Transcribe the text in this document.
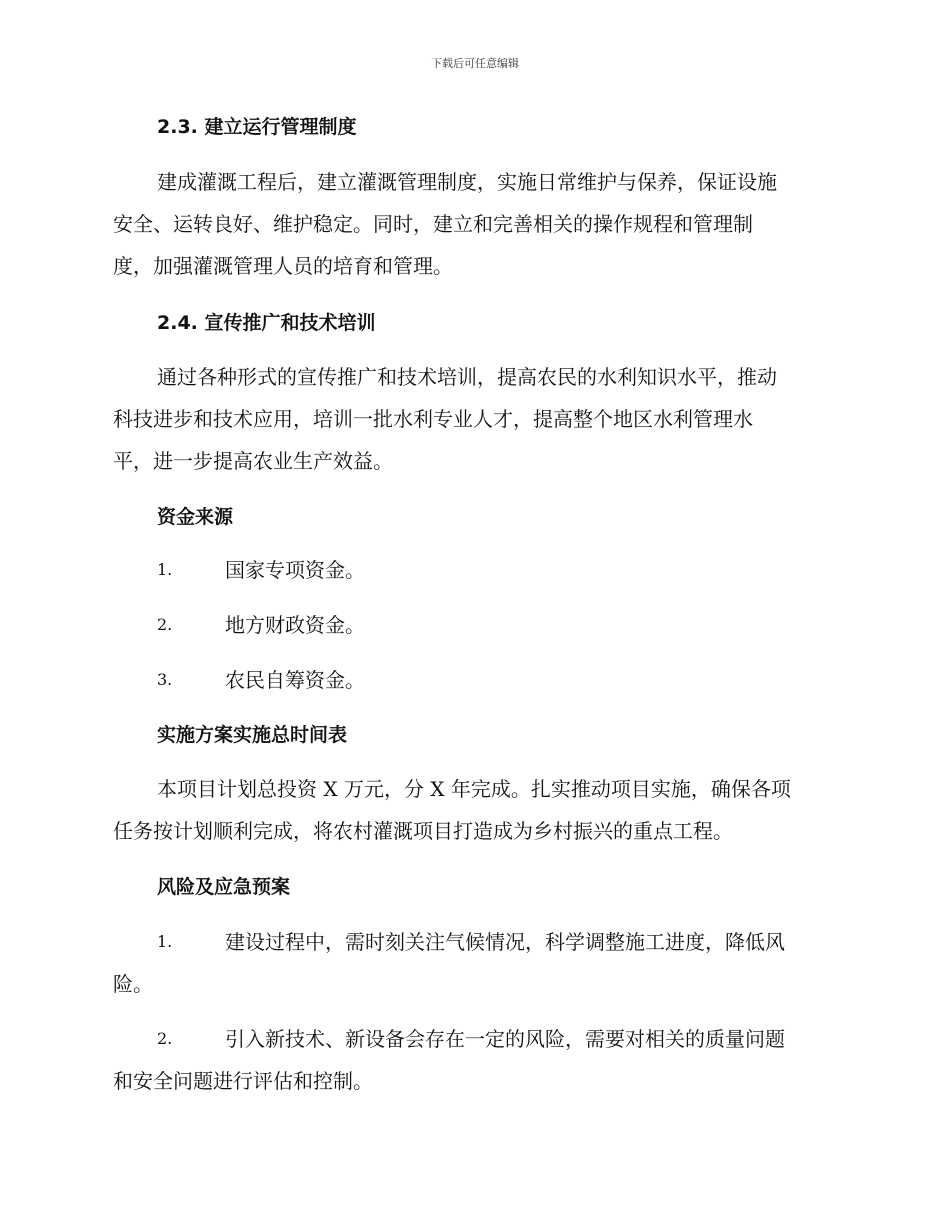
下载后可任意编辑
2.3. 建立运行管理制度
建成灌溉工程后，建立灌溉管理制度，实施日常维护与保养，保证设施
安全、运转良好、维护稳定。同时，建立和完善相关的操作规程和管理制
度，加强灌溉管理人员的培育和管理。
2.4. 宣传推广和技术培训
通过各种形式的宣传推广和技术培训，提高农民的水利知识水平，推动
科技进步和技术应用，培训一批水利专业人才，提高整个地区水利管理水
平，进一步提高农业生产效益。
资金来源
1.	国家专项资金。
2.	地方财政资金。
3.	农民自筹资金。
实施方案实施总时间表
本项目计划总投资 X 万元，分 X 年完成。扎实推动项目实施，确保各项
任务按计划顺利完成，将农村灌溉项目打造成为乡村振兴的重点工程。
风险及应急预案
1.	建设过程中，需时刻关注气候情况，科学调整施工进度，降低风
险。
2.	引入新技术、新设备会存在一定的风险，需要对相关的质量问题
和安全问题进行评估和控制。
